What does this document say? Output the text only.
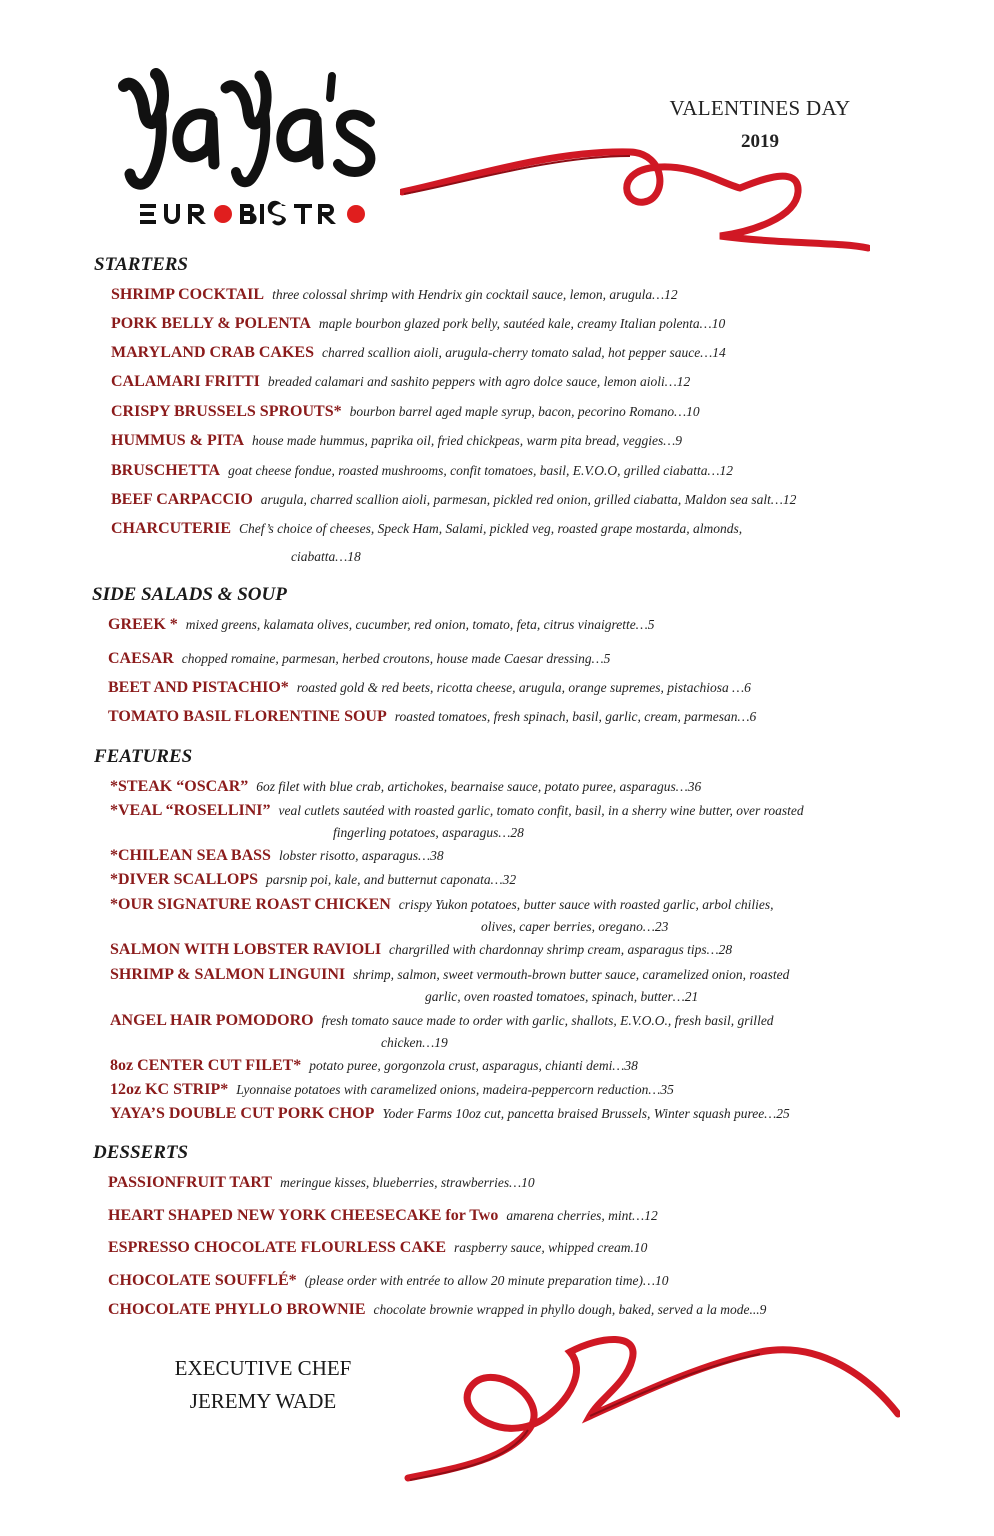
VALENTINES DAY
2019
STARTERS
SHRIMP COCKTAIL three colossal shrimp with Hendrix gin cocktail sauce, lemon, arugula…12
PORK BELLY & POLENTA maple bourbon glazed pork belly, sautéed kale, creamy Italian polenta…10
MARYLAND CRAB CAKES charred scallion aioli, arugula-cherry tomato salad, hot pepper sauce…14
CALAMARI FRITTI breaded calamari and sashito peppers with agro dolce sauce, lemon aioli…12
CRISPY BRUSSELS SPROUTS* bourbon barrel aged maple syrup, bacon, pecorino Romano…10
HUMMUS & PITA house made hummus, paprika oil, fried chickpeas, warm pita bread, veggies…9
BRUSCHETTA goat cheese fondue, roasted mushrooms, confit tomatoes, basil, E.V.O.O, grilled ciabatta…12
BEEF CARPACCIO arugula, charred scallion aioli, parmesan, pickled red onion, grilled ciabatta, Maldon sea salt…12
CHARCUTERIE Chef’s choice of cheeses, Speck Ham, Salami, pickled veg, roasted grape mostarda, almonds,
ciabatta…18
SIDE SALADS & SOUP
GREEK * mixed greens, kalamata olives, cucumber, red onion, tomato, feta, citrus vinaigrette…5
CAESAR chopped romaine, parmesan, herbed croutons, house made Caesar dressing…5
BEET AND PISTACHIO* roasted gold & red beets, ricotta cheese, arugula, orange supremes, pistachiosa …6
TOMATO BASIL FLORENTINE SOUP roasted tomatoes, fresh spinach, basil, garlic, cream, parmesan…6
FEATURES
*STEAK “OSCAR” 6oz filet with blue crab, artichokes, bearnaise sauce, potato puree, asparagus…36
*VEAL “ROSELLINI” veal cutlets sautéed with roasted garlic, tomato confit, basil, in a sherry wine butter, over roasted
fingerling potatoes, asparagus…28
*CHILEAN SEA BASS lobster risotto, asparagus…38
*DIVER SCALLOPS parsnip poi, kale, and butternut caponata…32
*OUR SIGNATURE ROAST CHICKEN crispy Yukon potatoes, butter sauce with roasted garlic, arbol chilies,
olives, caper berries, oregano…23
SALMON WITH LOBSTER RAVIOLI chargrilled with chardonnay shrimp cream, asparagus tips…28
SHRIMP & SALMON LINGUINI shrimp, salmon, sweet vermouth-brown butter sauce, caramelized onion, roasted
garlic, oven roasted tomatoes, spinach, butter…21
ANGEL HAIR POMODORO fresh tomato sauce made to order with garlic, shallots, E.V.O.O., fresh basil, grilled
chicken…19
8oz CENTER CUT FILET* potato puree, gorgonzola crust, asparagus, chianti demi…38
12oz KC STRIP* Lyonnaise potatoes with caramelized onions, madeira-peppercorn reduction…35
YAYA’S DOUBLE CUT PORK CHOP Yoder Farms 10oz cut, pancetta braised Brussels, Winter squash puree…25
DESSERTS
PASSIONFRUIT TART meringue kisses, blueberries, strawberries…10
HEART SHAPED NEW YORK CHEESECAKE for Two amarena cherries, mint…12
ESPRESSO CHOCOLATE FLOURLESS CAKE raspberry sauce, whipped cream.10
CHOCOLATE SOUFFLÉ* (please order with entrée to allow 20 minute preparation time)…10
CHOCOLATE PHYLLO BROWNIE chocolate brownie wrapped in phyllo dough, baked, served a la mode...9
EXECUTIVE CHEF
JEREMY WADE
